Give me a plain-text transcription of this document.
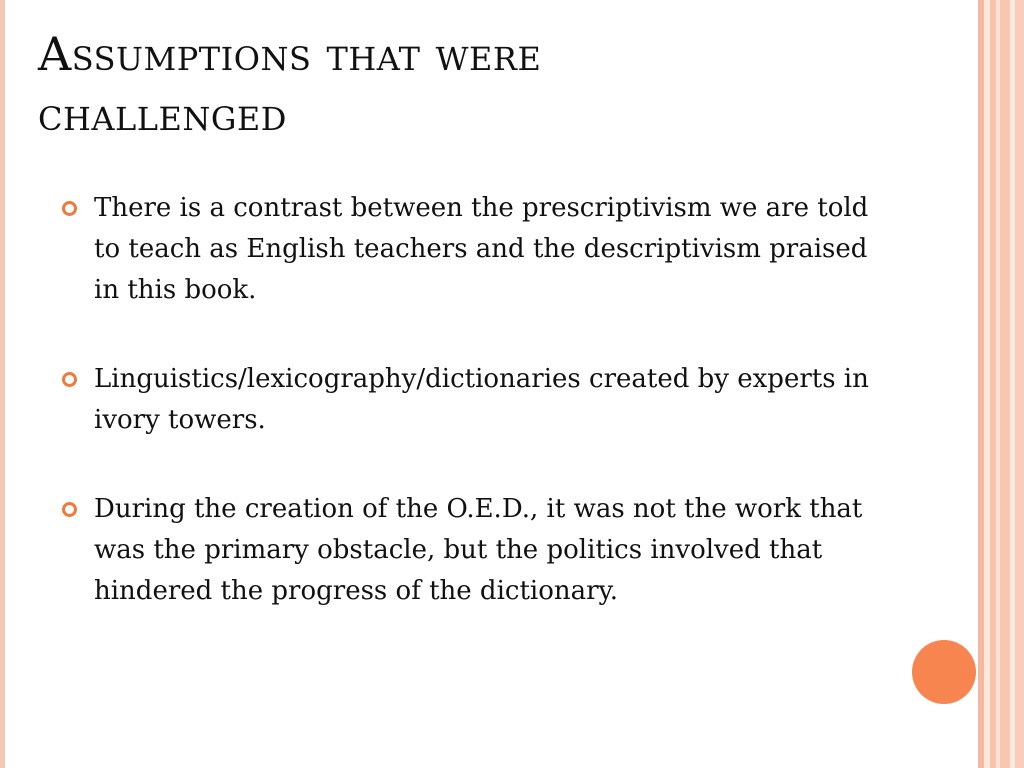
Assumptions that were challenged
There is a contrast between the prescriptivism we are told to teach as English teachers and the descriptivism praised in this book.
Linguistics/lexicography/dictionaries created by experts in ivory towers.
During the creation of the O.E.D., it was not the work that was the primary obstacle, but the politics involved that hindered the progress of the dictionary.
